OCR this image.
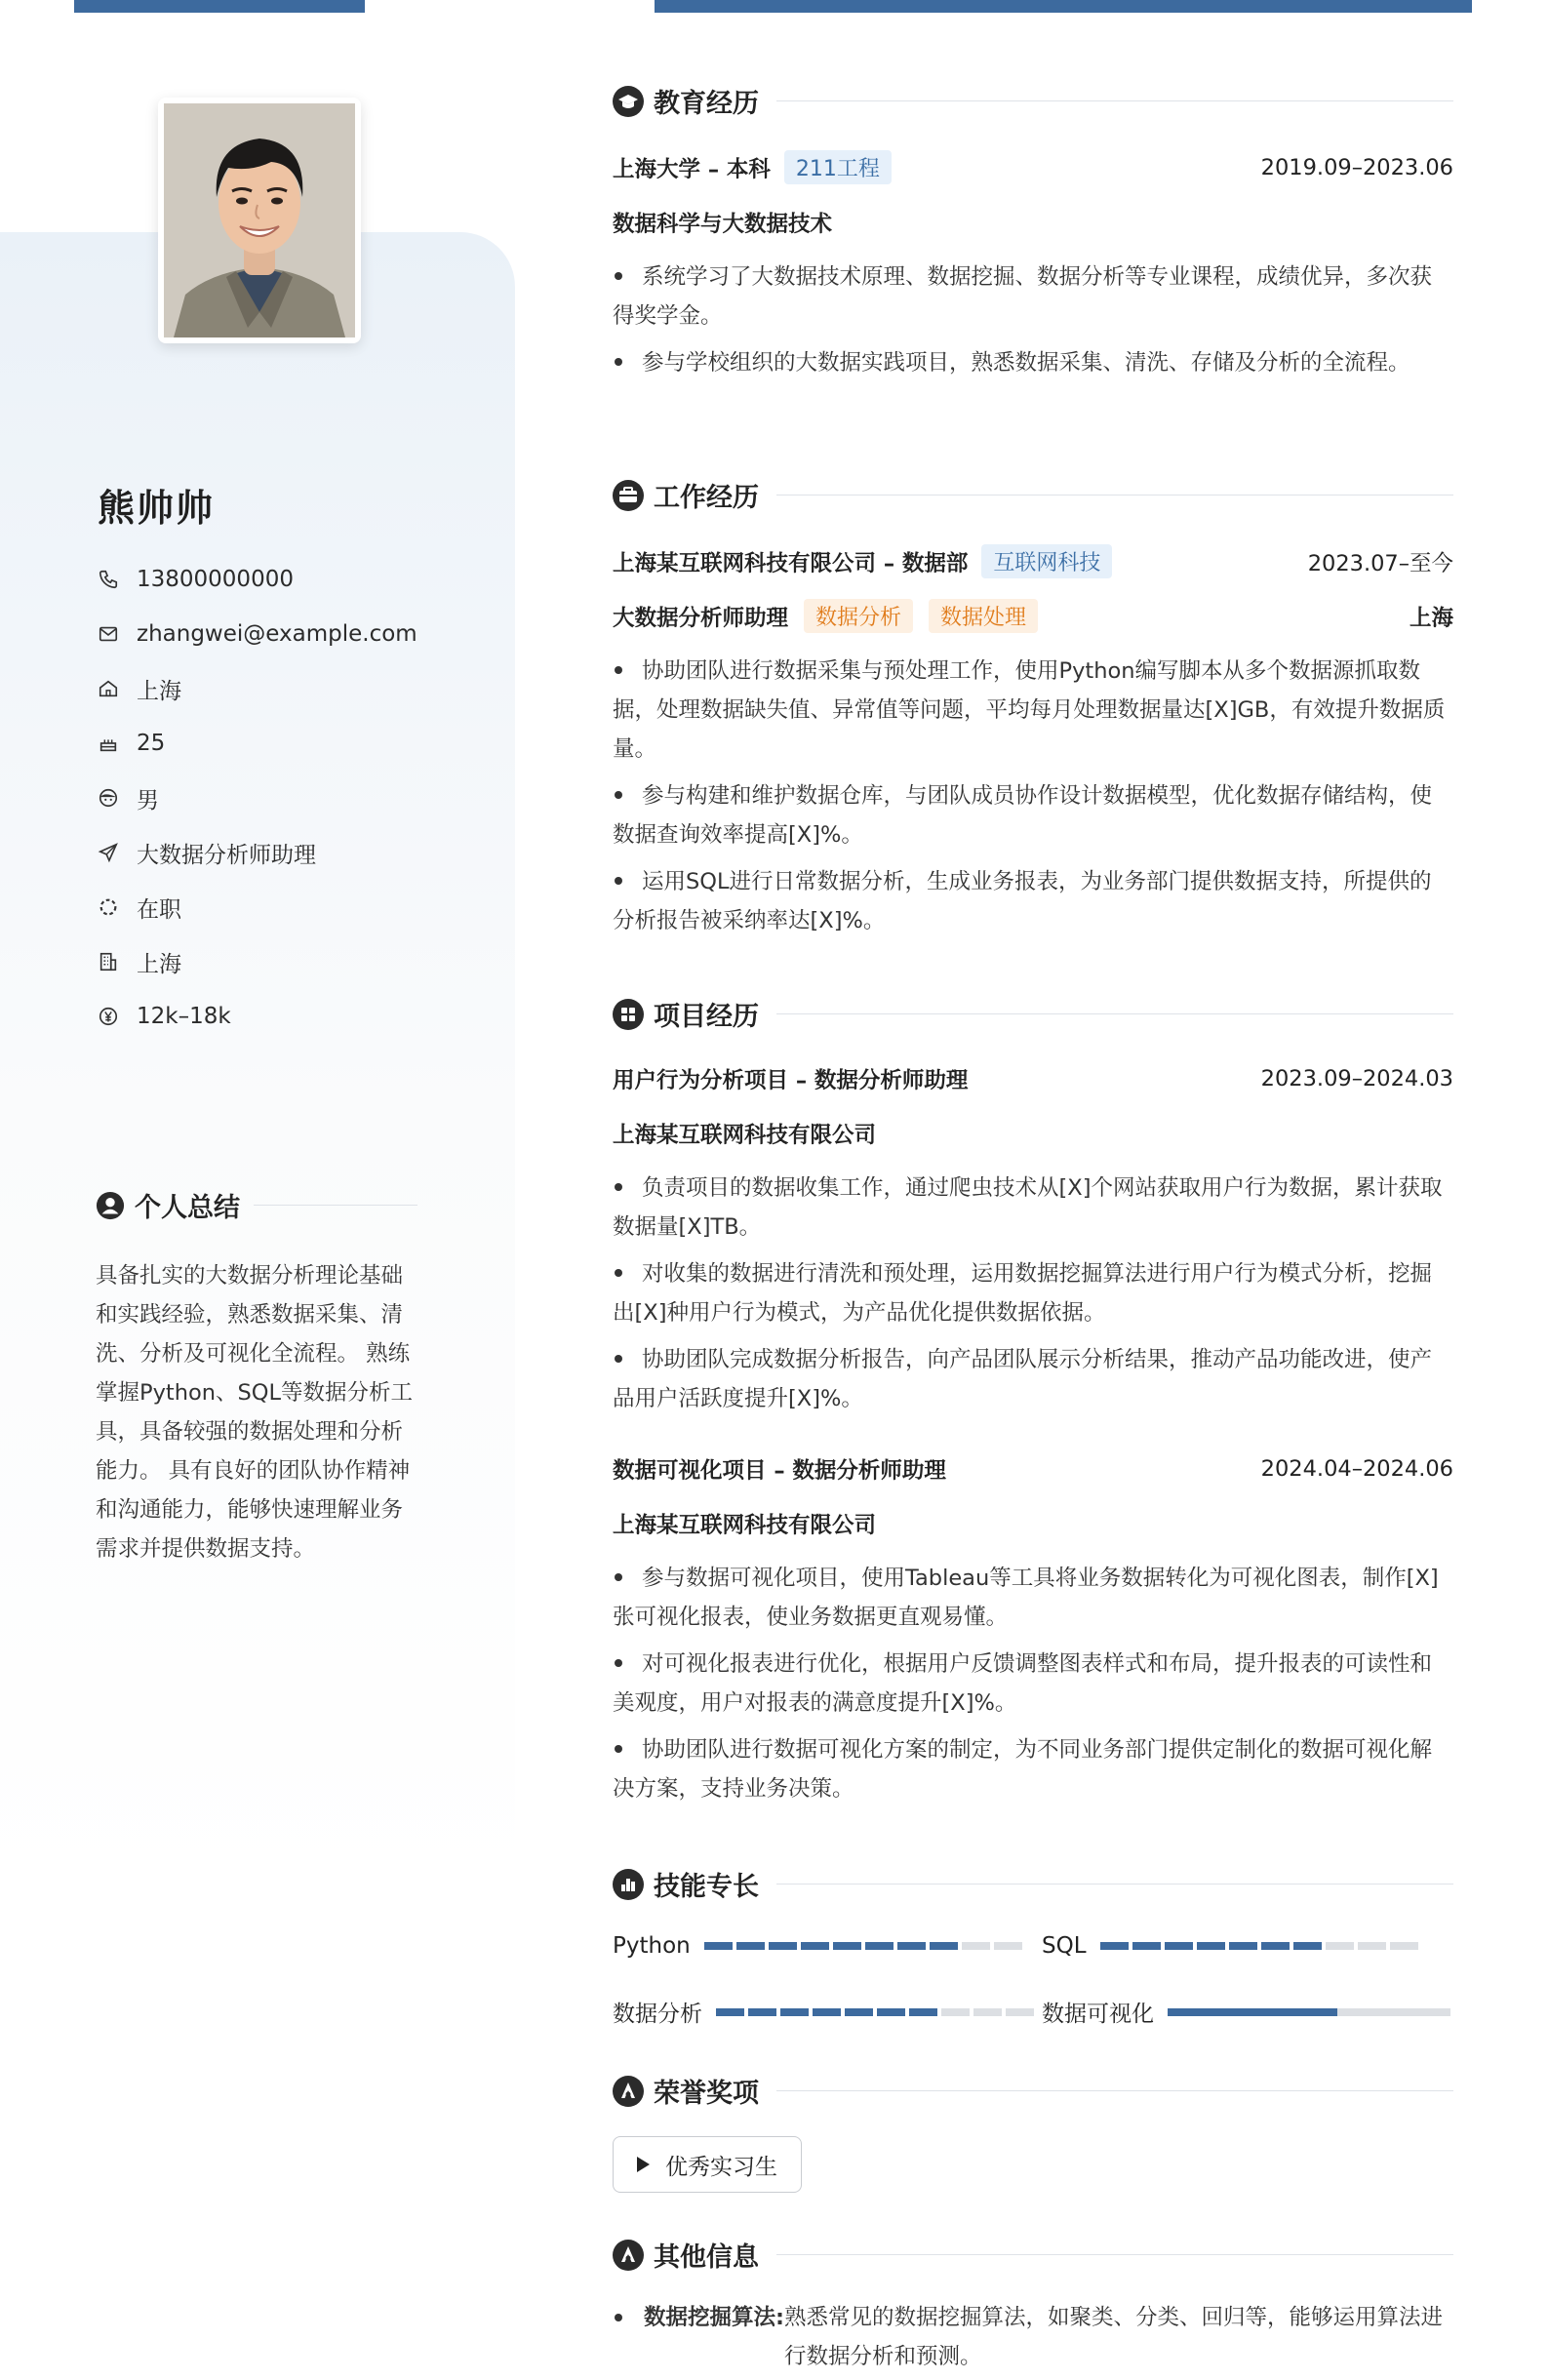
熊帅帅
13800000000
zhangwei@example.com
上海
25
男
大数据分析师助理
在职
上海
12k–18k
个人总结
具备扎实的大数据分析理论基础和实践经验，熟悉数据采集、清洗、分析及可视化全流程。 熟练掌握Python、SQL等数据分析工具，具备较强的数据处理和分析能力。 具有良好的团队协作精神和沟通能力，能够快速理解业务需求并提供数据支持。
教育经历
上海大学 – 本科	211工程	2019.09–2023.06
数据科学与大数据技术
系统学习了大数据技术原理、数据挖掘、数据分析等专业课程，成绩优异，多次获得奖学金。
参与学校组织的大数据实践项目，熟悉数据采集、清洗、存储及分析的全流程。
工作经历
上海某互联网科技有限公司 – 数据部	互联网科技	2023.07–至今
大数据分析师助理	数据分析	数据处理	上海
协助团队进行数据采集与预处理工作，使用Python编写脚本从多个数据源抓取数据，处理数据缺失值、异常值等问题，平均每月处理数据量达[X]GB，有效提升数据质量。
参与构建和维护数据仓库，与团队成员协作设计数据模型，优化数据存储结构，使数据查询效率提高[X]%。
运用SQL进行日常数据分析，生成业务报表，为业务部门提供数据支持，所提供的分析报告被采纳率达[X]%。
项目经历
用户行为分析项目 – 数据分析师助理	2023.09–2024.03
上海某互联网科技有限公司
负责项目的数据收集工作，通过爬虫技术从[X]个网站获取用户行为数据，累计获取数据量[X]TB。
对收集的数据进行清洗和预处理，运用数据挖掘算法进行用户行为模式分析，挖掘出[X]种用户行为模式，为产品优化提供数据依据。
协助团队完成数据分析报告，向产品团队展示分析结果，推动产品功能改进，使产品用户活跃度提升[X]%。
数据可视化项目 – 数据分析师助理	2024.04–2024.06
上海某互联网科技有限公司
参与数据可视化项目，使用Tableau等工具将业务数据转化为可视化图表，制作[X]张可视化报表，使业务数据更直观易懂。
对可视化报表进行优化，根据用户反馈调整图表样式和布局，提升报表的可读性和美观度，用户对报表的满意度提升[X]%。
协助团队进行数据可视化方案的制定，为不同业务部门提供定制化的数据可视化解决方案，支持业务决策。
技能专长
Python	SQL
数据分析	数据可视化
荣誉奖项
优秀实习生
其他信息
数据挖掘算法: 熟悉常见的数据挖掘算法，如聚类、分类、回归等，能够运用算法进行数据分析和预测。
